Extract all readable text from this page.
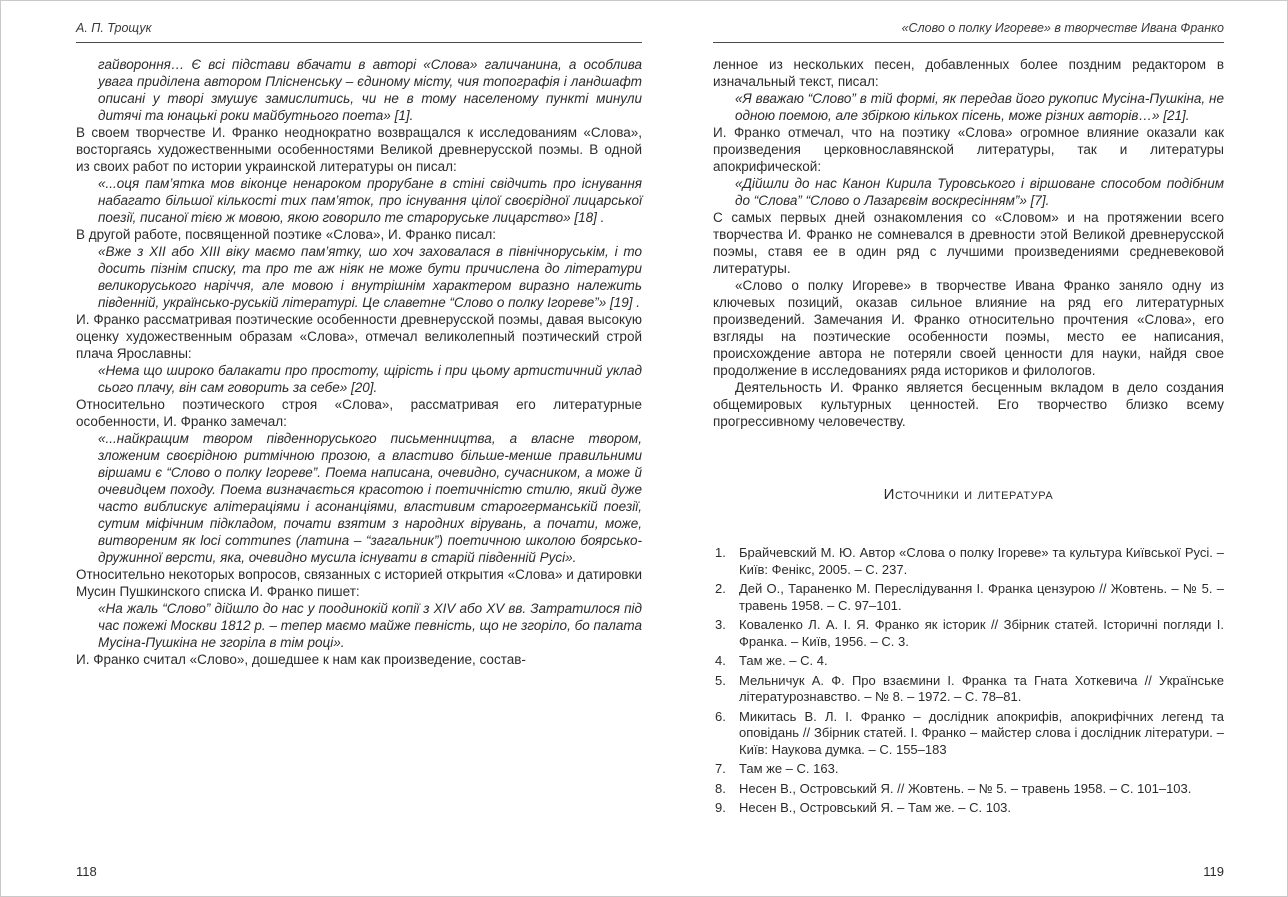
А. П. Трощук

гайвороння… Є всі підстави вбачати в авторі «Слова» галичанина, а особлива увага приділена автором Плісненську – єдиному місту, чия топографія і ландшафт описані у творі змушує замислитись, чи не в тому населеному пункті минули дитячі та юнацькі роки майбутнього поета» [1].

В своем творчестве И. Франко неоднократно возвращался к исследованиям «Слова», восторгаясь художественными особенностями Великой древнерусской поэмы. В одной из своих работ по истории украинской литературы он писал:

«...оця пам’ятка мов віконце ненароком прорубане в стіні свідчить про існування набагато більшої кількості тих пам’яток, про існування цілої своєрідної лицарської поезії, писаної тією ж мовою, якою говорило те староруське лицарство» [18] .

В другой работе, посвященной поэтике «Слова», И. Франко писал:

«Вже з XII або XIII віку маємо пам’ятку, шо хоч заховалася в північноруськім, і то досить пізнім списку, та про те аж ніяк не може бути причислена до літератури великоруського наріччя, але мовою і внутрішнім характером виразно належить південній, українсько-руській літературі. Це славетне “Слово о полку Ігореве”» [19] .

И. Франко рассматривая поэтические особенности древнерусской поэмы, давая высокую оценку художественным образам «Слова», отмечал великолепный поэтический строй плача Ярославны:

«Нема що широко балакати про простоту, щірість і при цьому артистичний уклад сього плачу, він сам говорить за себе» [20].

Относительно поэтического строя «Слова», рассматривая его литературные особенности, И. Франко замечал:

«...найкращим твором південноруського письменництва, а власне твором, зложеним своєрідною ритмічною прозою, а властиво більше-менше правильними віршами є “Слово о полку Ігореве”. Поема написана, очевидно, сучасником, а може й очевидцем походу. Поема визначається красотою і поетичністю стилю, який дуже часто виблискує алітераціями і асонанціями, властивим старогерманській поезії, сутим міфічним підкладом, почати взятим з народних вірувань, а почати, може, витвореним як loci communes (латина – “загальник”) поетичною школою боярсько-дружинної версти, яка, очевидно мусила існувати в старій південній Русі».

Относительно некоторых вопросов, связанных с историей открытия «Слова» и датировки Мусин Пушкинского списка И. Франко пишет:

«На жаль “Слово” дійшло до нас у поодинокій копії з XIV або XV вв. Затратилося під час пожежі Москви 1812 р. – тепер маємо майже певність, що не згоріло, бо палата Мусіна-Пушкіна не згоріла в тім році».

И. Франко считал «Слово», дошедшее к нам как произведение, состав-

118
«Слово о полку Игореве» в творчестве Ивана Франко

ленное из нескольких песен, добавленных более поздним редактором в изначальный текст, писал:

«Я вважаю “Слово” в тій формі, як передав його рукопис Мусіна-Пушкіна, не одною поемою, але збіркою кількох пісень, може різних авторів…» [21].

И. Франко отмечал, что на поэтику «Слова» огромное влияние оказали как произведения церковнославянской литературы, так и литературы апокрифической:

«Дійшли до нас Канон Кирила Туровського і віршоване способом подібним до “Слова” “Слово о Лазарєвім воскресінням”» [7].

С самых первых дней ознакомления со «Словом» и на протяжении всего творчества И. Франко не сомневался в древности этой Великой древнерусской поэмы, ставя ее в один ряд с лучшими произведениями средневековой литературы.

«Слово о полку Игореве» в творчестве Ивана Франко заняло одну из ключевых позиций, оказав сильное влияние на ряд его литературных произведений. Замечания И. Франко относительно прочтения «Слова», его взгляды на поэтические особенности поэмы, место ее написания, происхождение автора не потеряли своей ценности для науки, найдя свое продолжение в исследованиях ряда историков и филологов.

Деятельность И. Франко является бесценным вкладом в дело создания общемировых культурных ценностей. Его творчество близко всему прогрессивному человечеству.

Источники и литература
Брайчевский М. Ю. Автор «Слова о полку Ігореве» та культура Київської Русі. – Київ: Фенікс, 2005. – С. 237.
Дей О., Тараненко М. Переслідування І. Франка цензурою // Жовтень. – № 5. – травень 1958. – С. 97–101.
Коваленко Л. А. І. Я. Франко як історик // Збірник статей. Історичні погляди І. Франка. – Київ, 1956. – С. 3.
Там же. – С. 4.
Мельничук А. Ф. Про взаємини І. Франка та Гната Хоткевича // Українське літературознавство. – № 8. – 1972. – С. 78–81.
Микитась В. Л. І. Франко – дослідник апокрифів, апокрифічних легенд та оповідань // Збірник статей. І. Франко – майстер слова і дослідник літератури. – Київ: Наукова думка. – С. 155–183
Там же – С. 163.
Несен В., Островський Я. // Жовтень. – № 5. – травень 1958. – С. 101–103.
Несен В., Островський Я. – Там же. – С. 103.
119
